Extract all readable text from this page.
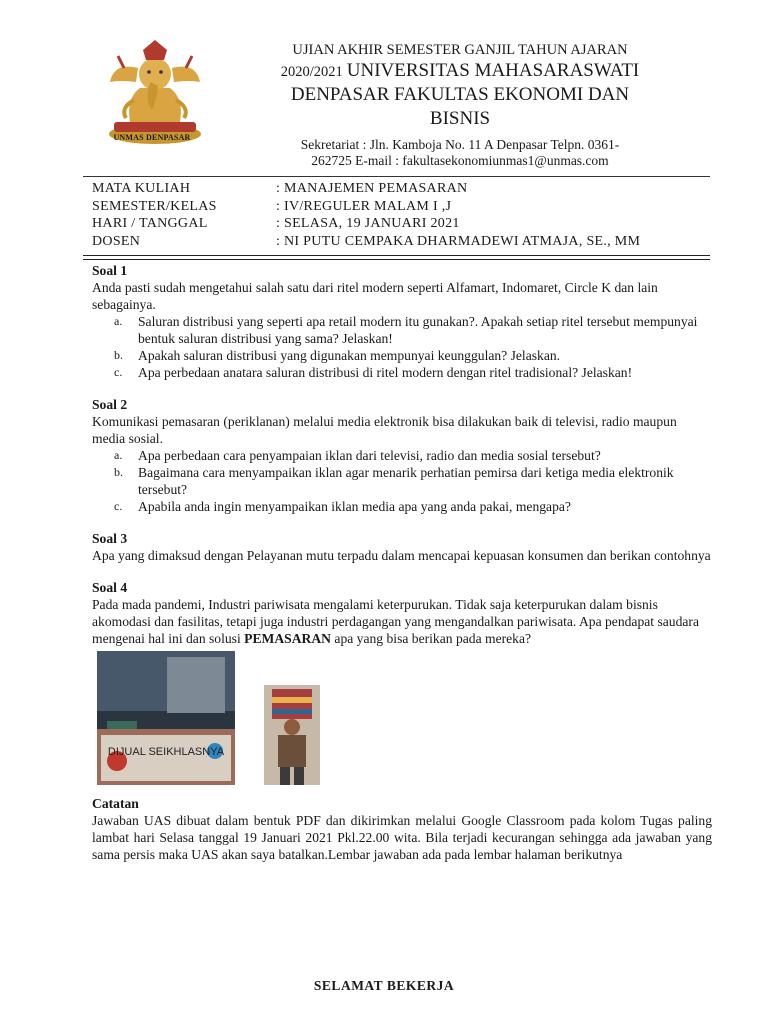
UNMAS DENPASAR
UJIAN AKHIR SEMESTER GANJIL TAHUN AJARAN
2020/2021 UNIVERSITAS MAHASARASWATI
DENPASAR FAKULTAS EKONOMI DAN
BISNIS
Sekretariat : Jln. Kamboja No. 11 A Denpasar Telpn. 0361-
262725 E-mail : fakultasekonomiunmas1@unmas.com
MATA KULIAH	: MANAJEMEN PEMASARAN
SEMESTER/KELAS	: IV/REGULER MALAM I ,J
HARI / TANGGAL	: SELASA, 19 JANUARI 2021
DOSEN	: NI PUTU CEMPAKA DHARMADEWI ATMAJA, SE., MM
Soal 1
Anda pasti sudah mengetahui salah satu dari ritel modern seperti Alfamart, Indomaret, Circle K dan lain sebagainya.
a. Saluran distribusi yang seperti apa retail modern itu gunakan?. Apakah setiap ritel tersebut mempunyai bentuk saluran distribusi yang sama? Jelaskan!
b. Apakah saluran distribusi yang digunakan mempunyai keunggulan? Jelaskan.
c. Apa perbedaan anatara saluran distribusi di ritel modern dengan ritel tradisional? Jelaskan!
Soal 2
Komunikasi pemasaran (periklanan) melalui media elektronik bisa dilakukan baik di televisi, radio maupun media sosial.
a. Apa perbedaan cara penyampaian iklan dari televisi, radio dan media sosial tersebut?
b. Bagaimana cara menyampaikan iklan agar menarik perhatian pemirsa dari ketiga media elektronik tersebut?
c. Apabila anda ingin menyampaikan iklan media apa yang anda pakai, mengapa?
Soal 3
Apa yang dimaksud dengan Pelayanan mutu terpadu dalam mencapai kepuasan konsumen dan berikan contohnya
Soal 4
Pada mada pandemi, Industri pariwisata mengalami keterpurukan. Tidak saja keterpurukan dalam bisnis akomodasi dan fasilitas, tetapi juga industri perdagangan yang mengandalkan pariwisata. Apa pendapat saudara mengenai hal ini dan solusi PEMASARAN apa yang bisa berikan pada mereka?
DIJUAL SEIKHLASNYA
Catatan
Jawaban UAS dibuat dalam bentuk PDF dan dikirimkan melalui Google Classroom pada kolom Tugas paling lambat hari Selasa tanggal 19 Januari 2021 Pkl.22.00 wita. Bila terjadi kecurangan sehingga ada jawaban yang sama persis maka UAS akan saya batalkan.Lembar jawaban ada pada lembar halaman berikutnya
SELAMAT BEKERJA
